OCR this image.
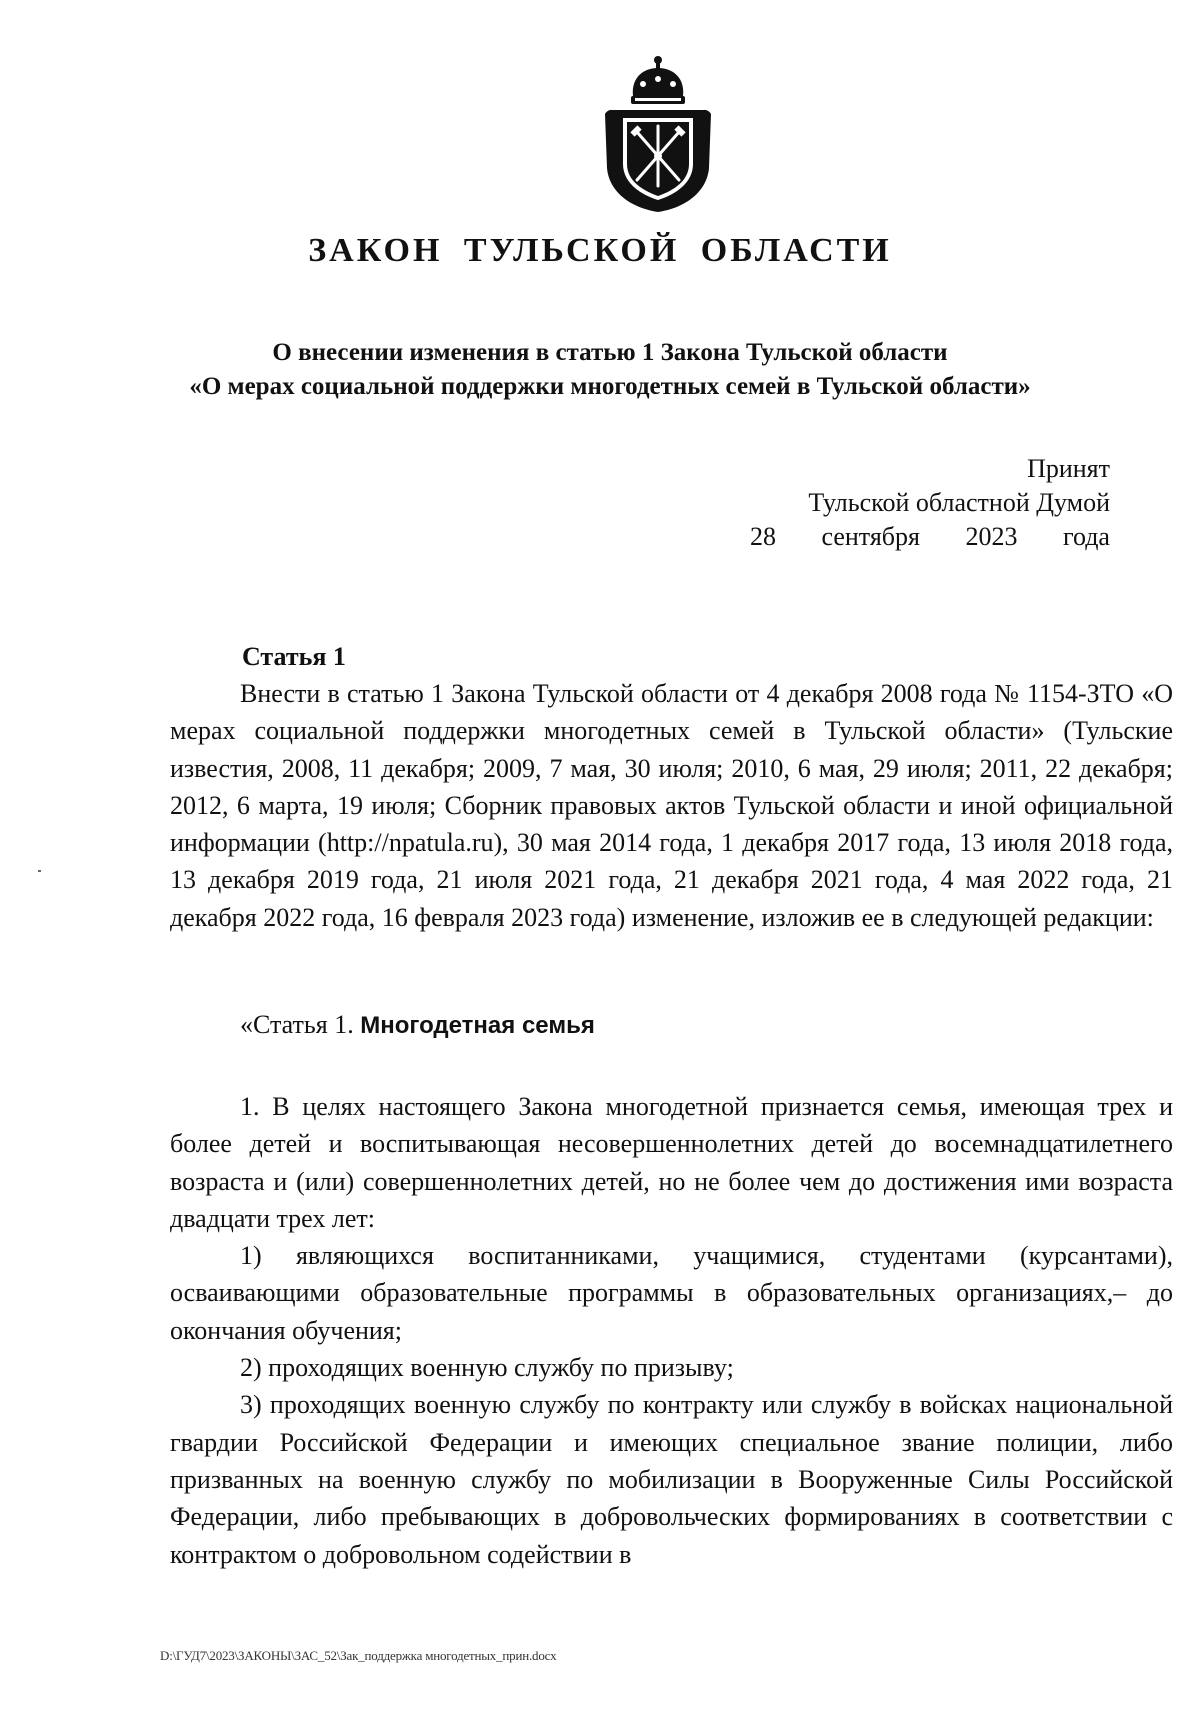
ЗАКОН ТУЛЬСКОЙ ОБЛАСТИ
О внесении изменения в статью 1 Закона Тульской области
«О мерах социальной поддержки многодетных семей в Тульской области»
Принят
Тульской областной Думой
28 сентября 2023 года
Статья 1
Внести в статью 1 Закона Тульской области от 4 декабря 2008 года № 1154-ЗТО «О мерах социальной поддержки многодетных семей в Тульской области» (Тульские известия, 2008, 11 декабря; 2009, 7 мая, 30 июля; 2010, 6 мая, 29 июля; 2011, 22 декабря; 2012, 6 марта, 19 июля; Сборник правовых актов Тульской области и иной официальной информации (http://npatula.ru), 30 мая 2014 года, 1 декабря 2017 года, 13 июля 2018 года, 13 декабря 2019 года, 21 июля 2021 года, 21 декабря 2021 года, 4 мая 2022 года, 21 декабря 2022 года, 16 февраля 2023 года) изменение, изложив ее в следующей редакции:
«Статья 1. Многодетная семья
1. В целях настоящего Закона многодетной признается семья, имеющая трех и более детей и воспитывающая несовершеннолетних детей до восемнадцатилетнего возраста и (или) совершеннолетних детей, но не более чем до достижения ими возраста двадцати трех лет:
1) являющихся воспитанниками, учащимися, студентами (курсантами), осваивающими образовательные программы в образовательных организациях,– до окончания обучения;
2) проходящих военную службу по призыву;
3) проходящих военную службу по контракту или службу в войсках национальной гвардии Российской Федерации и имеющих специальное звание полиции, либо призванных на военную службу по мобилизации в Вооруженные Силы Российской Федерации, либо пребывающих в добровольческих формированиях в соответствии с контрактом о добровольном содействии в
D:\ГУД7\2023\ЗАКОНЫ\ЗАС_52\Зак_поддержка многодетных_прин.docx
